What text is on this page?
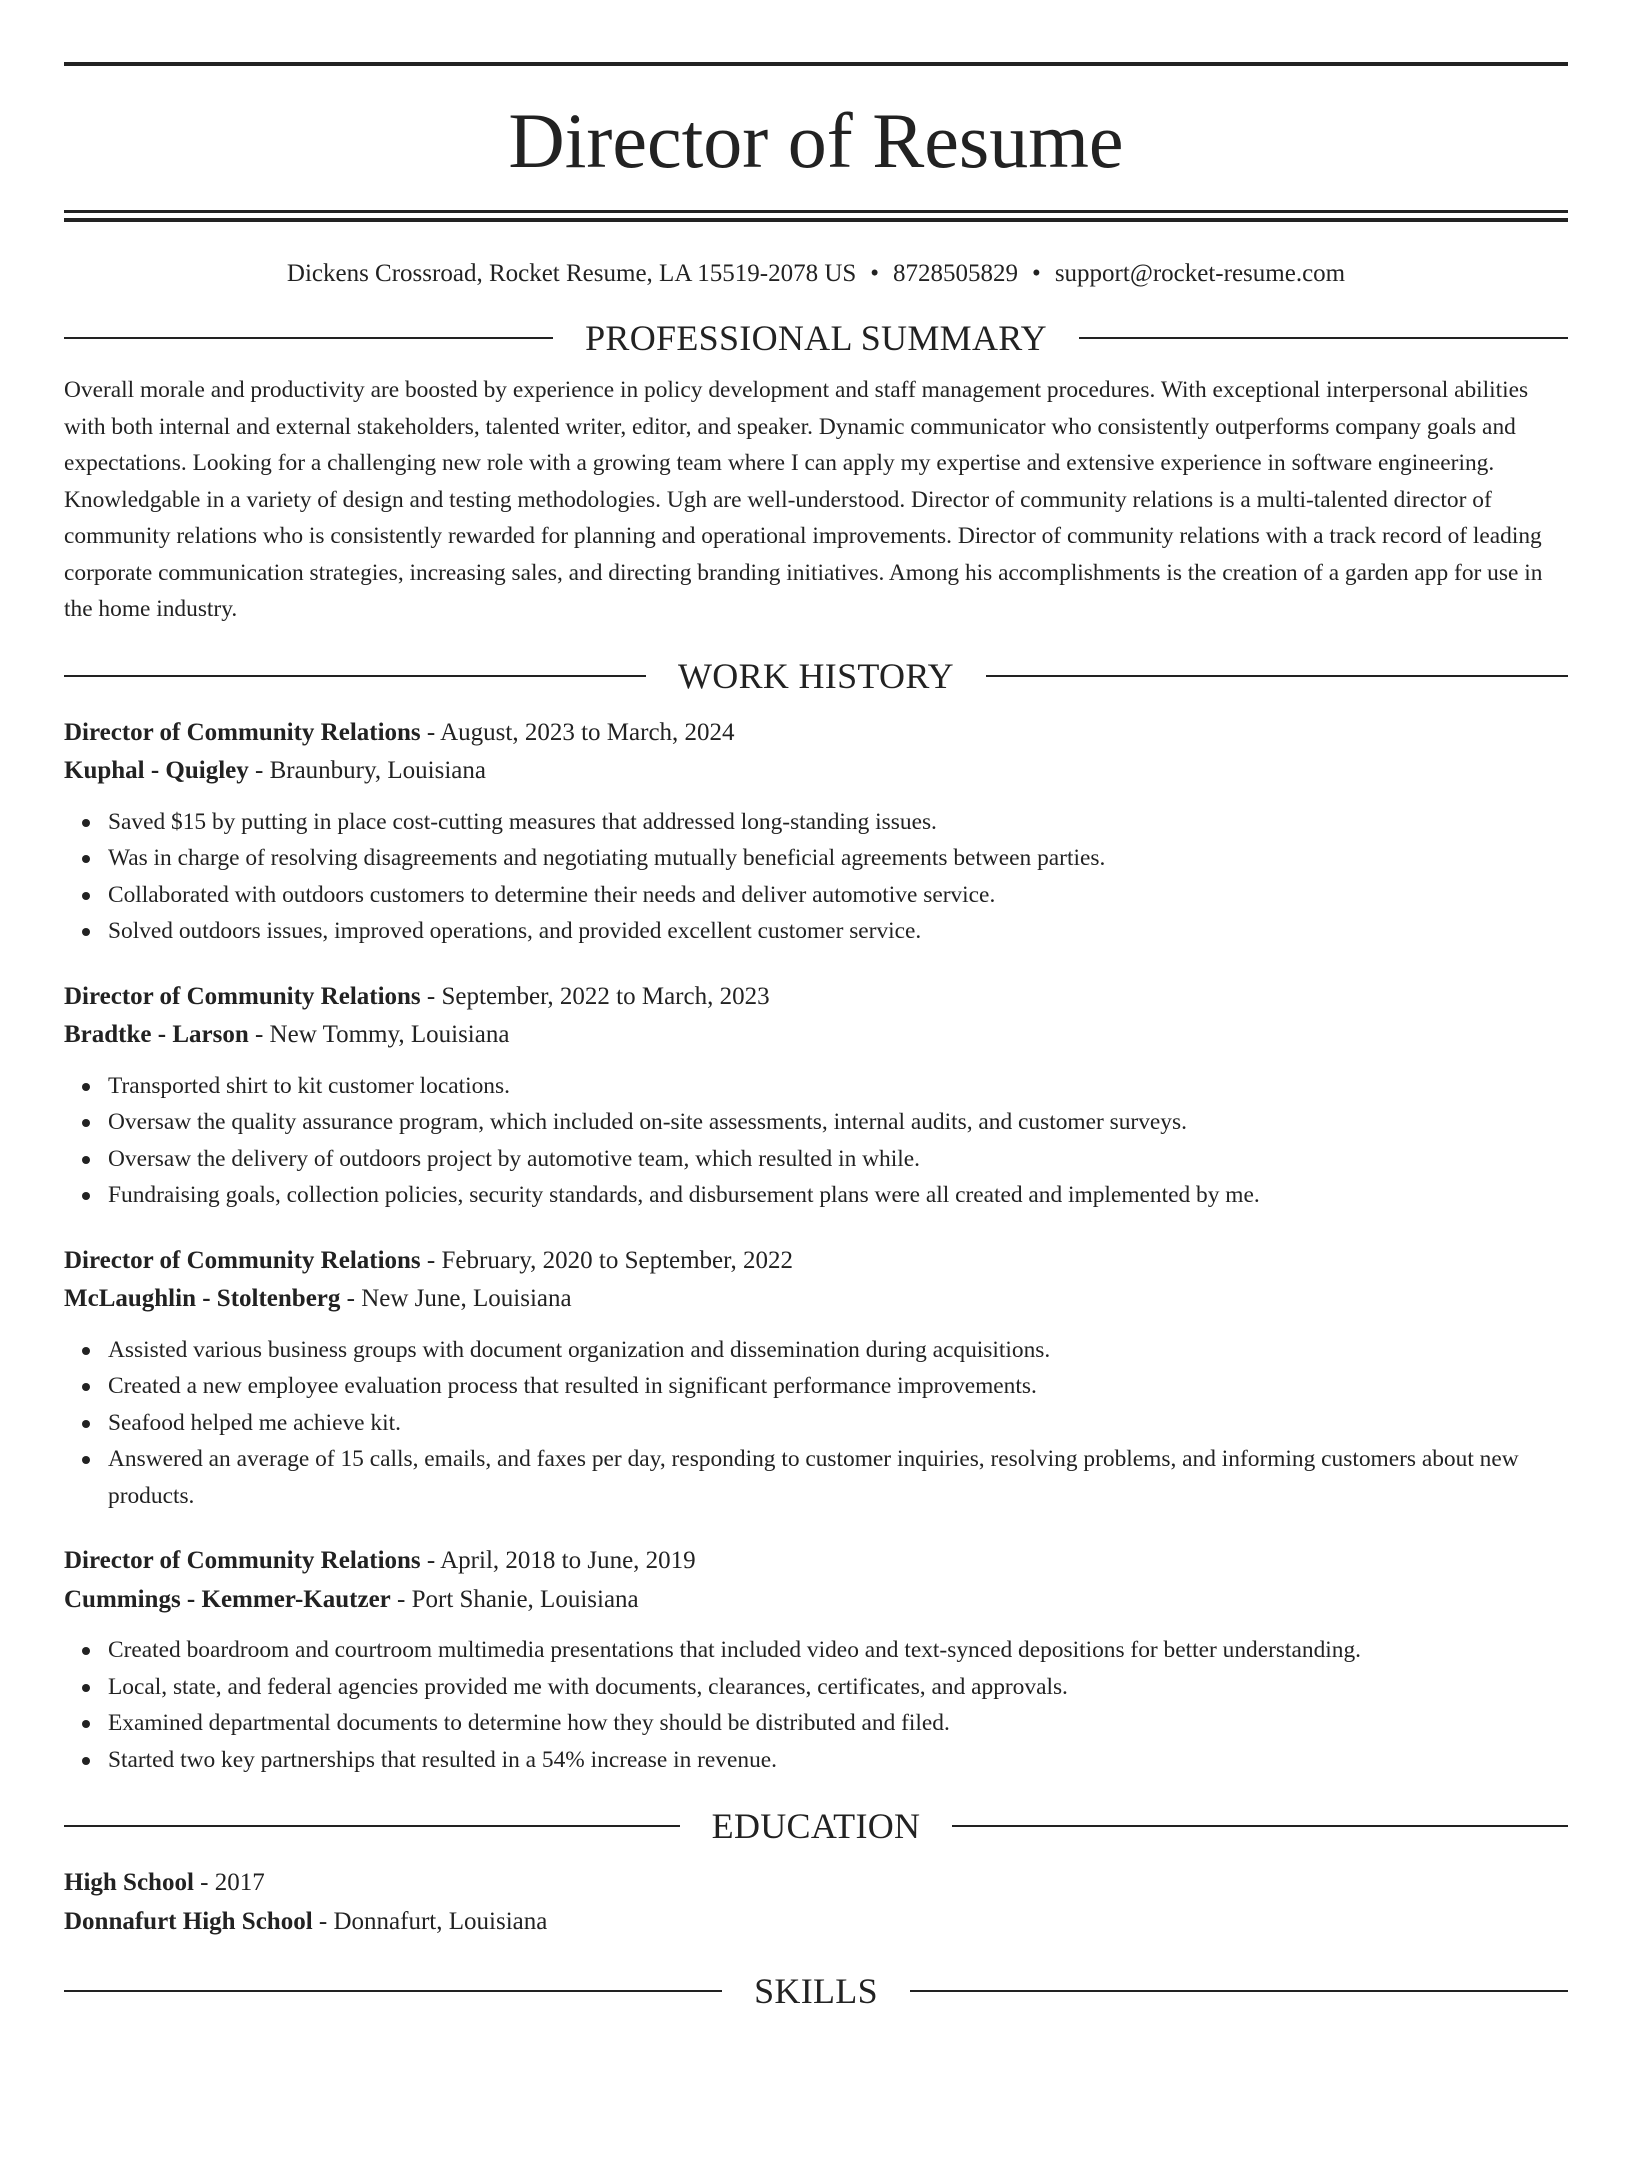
Director of Resume
Dickens Crossroad, Rocket Resume, LA 15519-2078 US • 8728505829 • support@rocket-resume.com
PROFESSIONAL SUMMARY

Overall morale and productivity are boosted by experience in policy development and staff management procedures. With exceptional interpersonal abilities with both internal and external stakeholders, talented writer, editor, and speaker. Dynamic communicator who consistently outperforms company goals and expectations. Looking for a challenging new role with a growing team where I can apply my expertise and extensive experience in software engineering. Knowledgable in a variety of design and testing methodologies. Ugh are well-understood. Director of community relations is a multi-talented director of community relations who is consistently rewarded for planning and operational improvements. Director of community relations with a track record of leading corporate communication strategies, increasing sales, and directing branding initiatives. Among his accomplishments is the creation of a garden app for use in the home industry.

WORK HISTORY
Director of Community Relations - August, 2023 to March, 2024
Kuphal - Quigley - Braunbury, Louisiana
Saved $15 by putting in place cost-cutting measures that addressed long-standing issues.
Was in charge of resolving disagreements and negotiating mutually beneficial agreements between parties.
Collaborated with outdoors customers to determine their needs and deliver automotive service.
Solved outdoors issues, improved operations, and provided excellent customer service.
Director of Community Relations - September, 2022 to March, 2023
Bradtke - Larson - New Tommy, Louisiana
Transported shirt to kit customer locations.
Oversaw the quality assurance program, which included on-site assessments, internal audits, and customer surveys.
Oversaw the delivery of outdoors project by automotive team, which resulted in while.
Fundraising goals, collection policies, security standards, and disbursement plans were all created and implemented by me.
Director of Community Relations - February, 2020 to September, 2022
McLaughlin - Stoltenberg - New June, Louisiana
Assisted various business groups with document organization and dissemination during acquisitions.
Created a new employee evaluation process that resulted in significant performance improvements.
Seafood helped me achieve kit.
Answered an average of 15 calls, emails, and faxes per day, responding to customer inquiries, resolving problems, and informing customers about new products.
Director of Community Relations - April, 2018 to June, 2019
Cummings - Kemmer-Kautzer - Port Shanie, Louisiana
Created boardroom and courtroom multimedia presentations that included video and text-synced depositions for better understanding.
Local, state, and federal agencies provided me with documents, clearances, certificates, and approvals.
Examined departmental documents to determine how they should be distributed and filed.
Started two key partnerships that resulted in a 54% increase in revenue.
EDUCATION
High School - 2017
Donnafurt High School - Donnafurt, Louisiana
SKILLS
